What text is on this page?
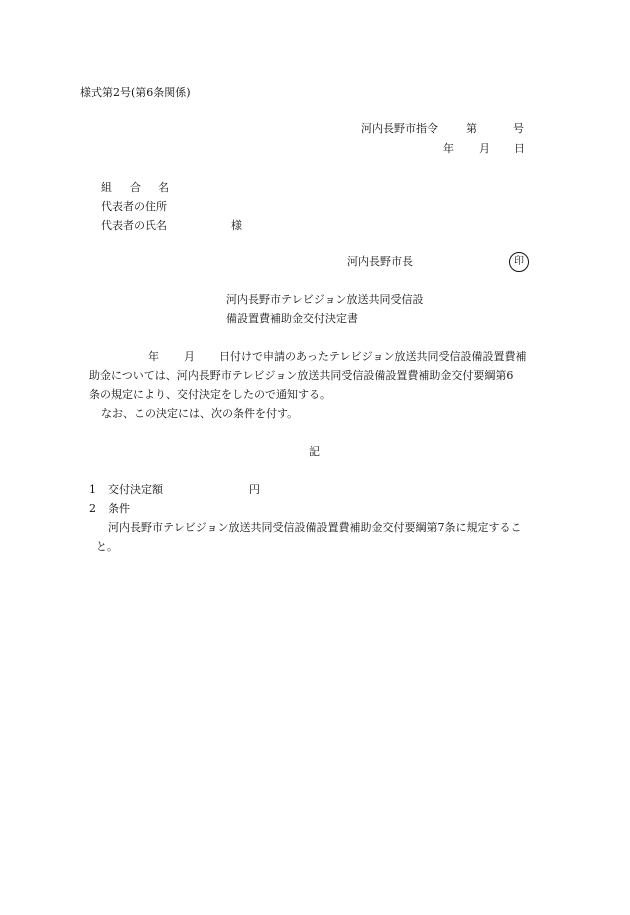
様式第2号(第6条関係)
河内長野市指令	第	号
年 月 日
組 合 名
代表者の住所
代表者の氏名	様
河内長野市長	印
河内長野市テレビジョン放送共同受信設
備設置費補助金交付決定書
年 月 日付けで申請のあったテレビジョン放送共同受信設備設置費補
助金については、河内長野市テレビジョン放送共同受信設備設置費補助金交付要綱第6
条の規定により、交付決定をしたので通知する。
なお、この決定には、次の条件を付す。
記
1 交付決定額	円
2 条件
河内長野市テレビジョン放送共同受信設備設置費補助金交付要綱第7条に規定するこ
と。
